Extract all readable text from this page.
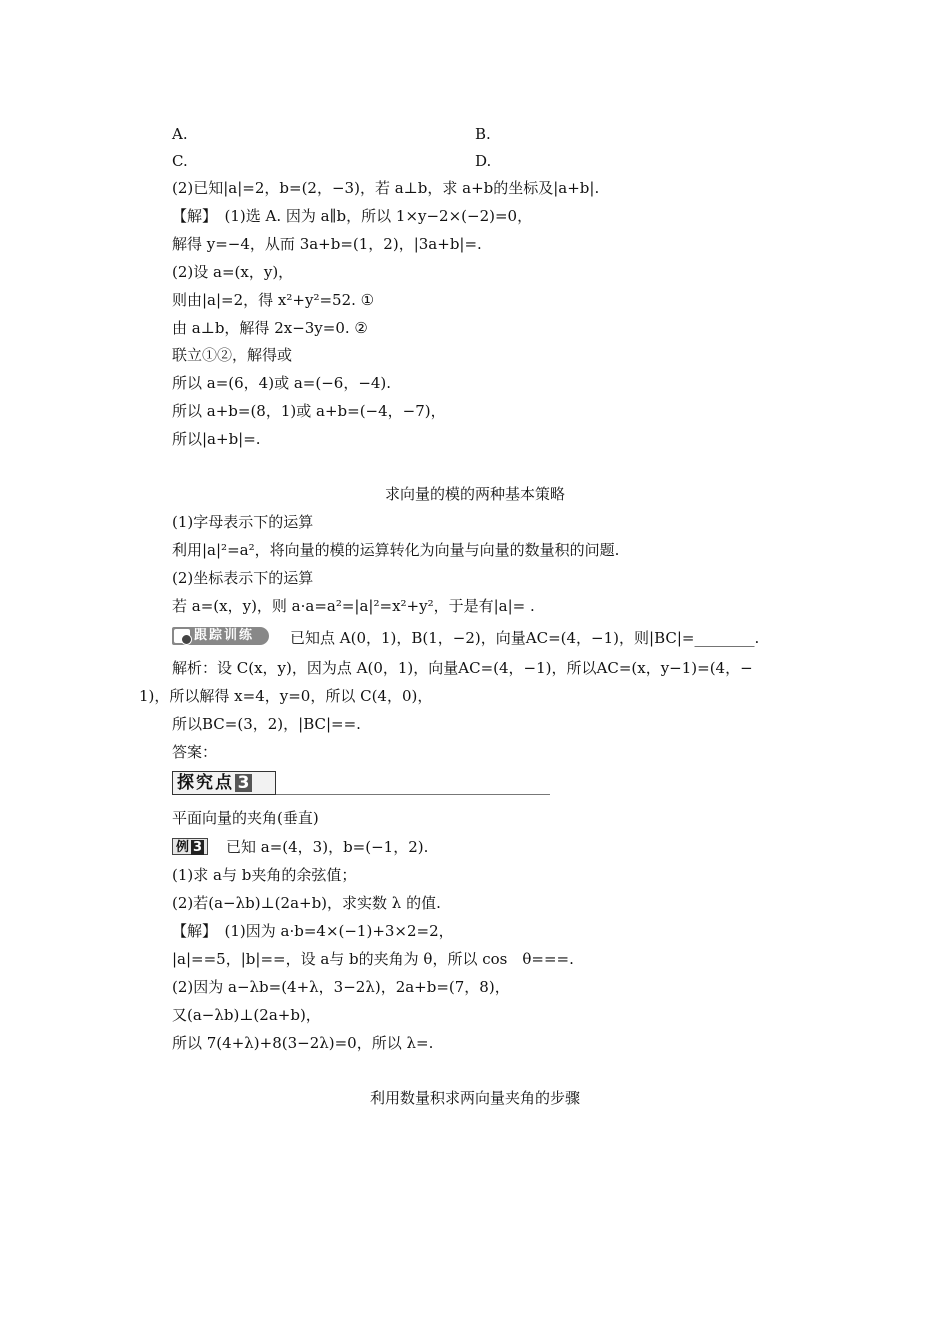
A.	B.
C.	D.
(2)已知|a|=2，b=(2，−3)，若 a⊥b，求 a+b的坐标及|a+b|.
【解】　(1)选 A. 因为 a∥b，所以 1×y−2×(−2)=0，
解得 y=−4，从而 3a+b=(1，2)，|3a+b|=.
(2)设 a=(x，y)，
则由|a|=2，得 x²+y²=52. ①
由 a⊥b，解得 2x−3y=0. ②
联立①②，解得或
所以 a=(6，4)或 a=(−6，−4).
所以 a+b=(8，1)或 a+b=(−4，−7)，
所以|a+b|=.
求向量的模的两种基本策略
(1)字母表示下的运算
利用|a|²=a²，将向量的模的运算转化为向量与向量的数量积的问题.
(2)坐标表示下的运算
若 a=(x，y)，则 a·a=a²=|a|²=x²+y²，于是有|a|= .
跟踪训练	已知点 A(0，1)，B(1，−2)，向量AC=(4，−1)，则|BC|=________.
解析：设 C(x，y)，因为点 A(0，1)，向量AC=(4，−1)，所以AC=(x，y−1)=(4，−
1)，所以解得 x=4，y=0，所以 C(4，0)，
所以BC=(3，2)，|BC|==.
答案：
探究点 3
平面向量的夹角(垂直)
例 3	已知 a=(4，3)，b=(−1，2).
(1)求 a与 b夹角的余弦值；
(2)若(a−λb)⊥(2a+b)，求实数 λ 的值.
【解】　(1)因为 a·b=4×(−1)+3×2=2，
|a|==5，|b|==，设 a与 b的夹角为 θ，所以 cos　θ===.
(2)因为 a−λb=(4+λ，3−2λ)，2a+b=(7，8)，
又(a−λb)⊥(2a+b)，
所以 7(4+λ)+8(3−2λ)=0，所以 λ=.
利用数量积求两向量夹角的步骤
